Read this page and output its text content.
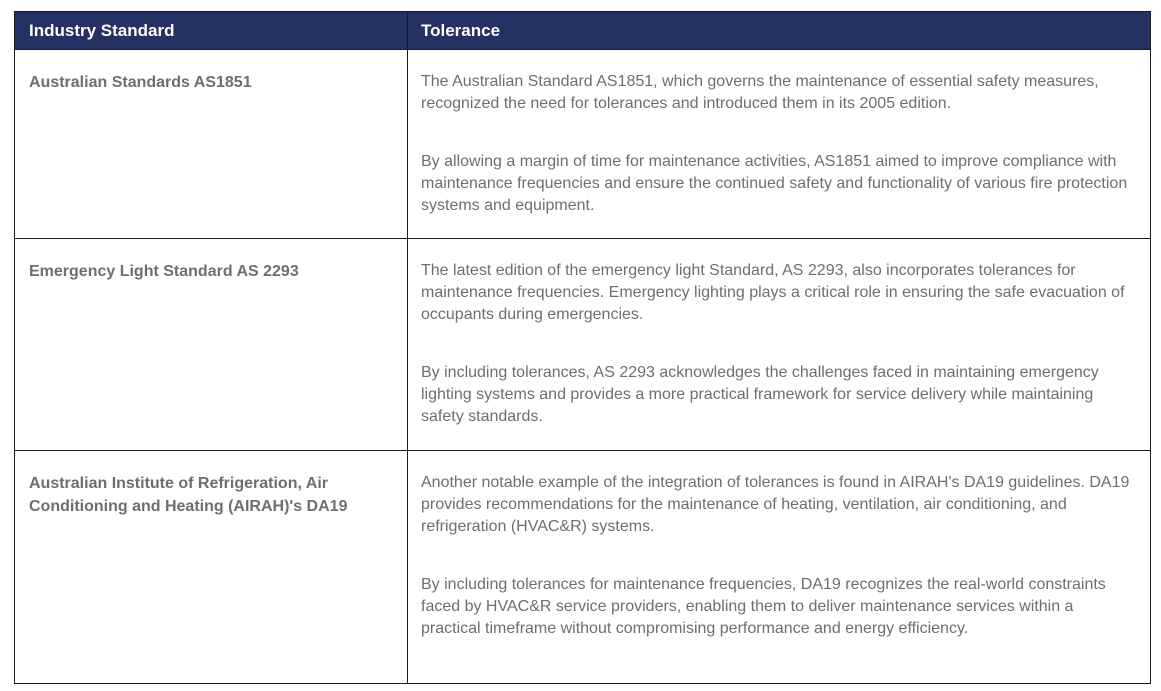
Industry Standard	Tolerance
Australian Standards AS1851	The Australian Standard AS1851, which governs the maintenance of essential safety measures, recognized the need for tolerances and introduced them in its 2005 edition.

By allowing a margin of time for maintenance activities, AS1851 aimed to improve compliance with maintenance frequencies and ensure the continued safety and functionality of various fire protection systems and equipment.

Emergency Light Standard AS 2293	The latest edition of the emergency light Standard, AS 2293, also incorporates tolerances for maintenance frequencies. Emergency lighting plays a critical role in ensuring the safe evacuation of occupants during emergencies.

By including tolerances, AS 2293 acknowledges the challenges faced in maintaining emergency lighting systems and provides a more practical framework for service delivery while maintaining safety standards.

Australian Institute of Refrigeration, Air Conditioning and Heating (AIRAH)'s DA19	Another notable example of the integration of tolerances is found in AIRAH's DA19 guidelines. DA19 provides recommendations for the maintenance of heating, ventilation, air conditioning, and refrigeration (HVAC&R) systems.

By including tolerances for maintenance frequencies, DA19 recognizes the real-world constraints faced by HVAC&R service providers, enabling them to deliver maintenance services within a practical timeframe without compromising performance and energy efficiency.
